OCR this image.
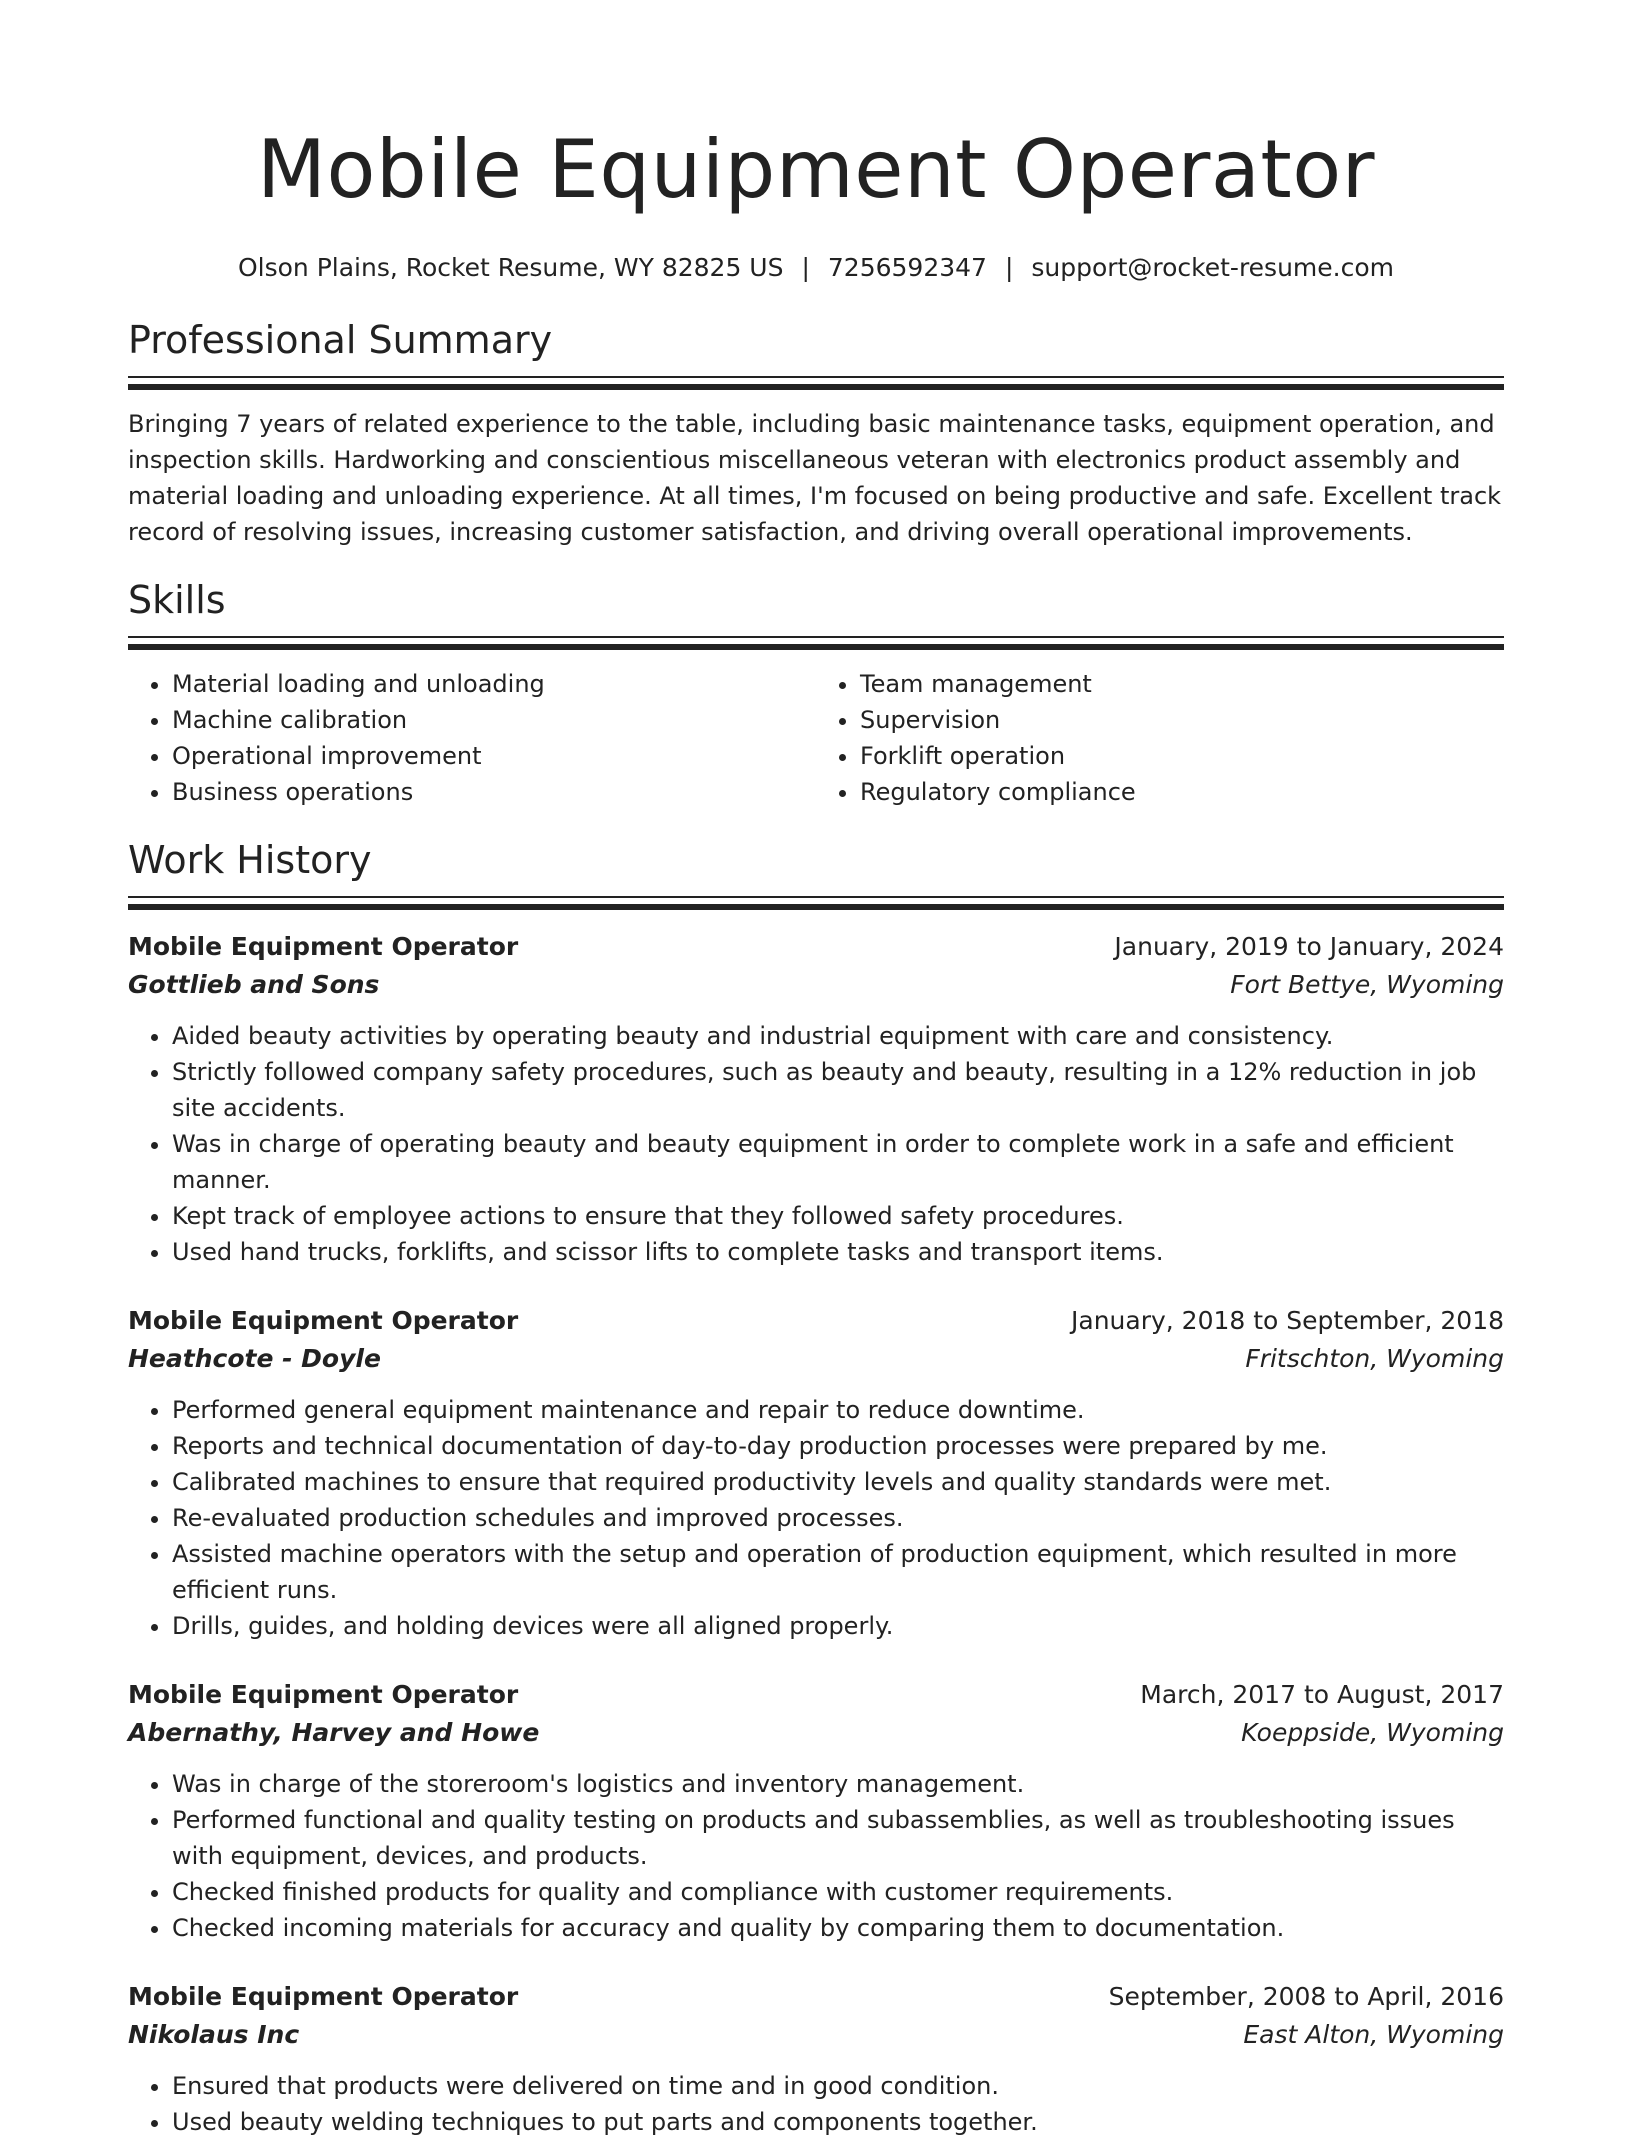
Mobile Equipment Operator
Olson Plains, Rocket Resume, WY 82825 US | 7256592347 | support@rocket-resume.com
Professional Summary

Bringing 7 years of related experience to the table, including basic maintenance tasks, equipment operation, and inspection skills. Hardworking and conscientious miscellaneous veteran with electronics product assembly and material loading and unloading experience. At all times, I'm focused on being productive and safe. Excellent track record of resolving issues, increasing customer satisfaction, and driving overall operational improvements.

Skills
• Material loading and unloading
• Machine calibration
• Operational improvement
• Business operations
• Team management
• Supervision
• Forklift operation
• Regulatory compliance
Work History
Mobile Equipment Operator	January, 2019 to January, 2024
Gottlieb and Sons	Fort Bettye, Wyoming
• Aided beauty activities by operating beauty and industrial equipment with care and consistency.
• Strictly followed company safety procedures, such as beauty and beauty, resulting in a 12% reduction in job site accidents.
• Was in charge of operating beauty and beauty equipment in order to complete work in a safe and efficient manner.
• Kept track of employee actions to ensure that they followed safety procedures.
• Used hand trucks, forklifts, and scissor lifts to complete tasks and transport items.
Mobile Equipment Operator	January, 2018 to September, 2018
Heathcote - Doyle	Fritschton, Wyoming
• Performed general equipment maintenance and repair to reduce downtime.
• Reports and technical documentation of day-to-day production processes were prepared by me.
• Calibrated machines to ensure that required productivity levels and quality standards were met.
• Re-evaluated production schedules and improved processes.
• Assisted machine operators with the setup and operation of production equipment, which resulted in more efficient runs.
• Drills, guides, and holding devices were all aligned properly.
Mobile Equipment Operator	March, 2017 to August, 2017
Abernathy, Harvey and Howe	Koeppside, Wyoming
• Was in charge of the storeroom's logistics and inventory management.
• Performed functional and quality testing on products and subassemblies, as well as troubleshooting issues with equipment, devices, and products.
• Checked finished products for quality and compliance with customer requirements.
• Checked incoming materials for accuracy and quality by comparing them to documentation.
Mobile Equipment Operator	September, 2008 to April, 2016
Nikolaus Inc	East Alton, Wyoming
• Ensured that products were delivered on time and in good condition.
• Used beauty welding techniques to put parts and components together.
